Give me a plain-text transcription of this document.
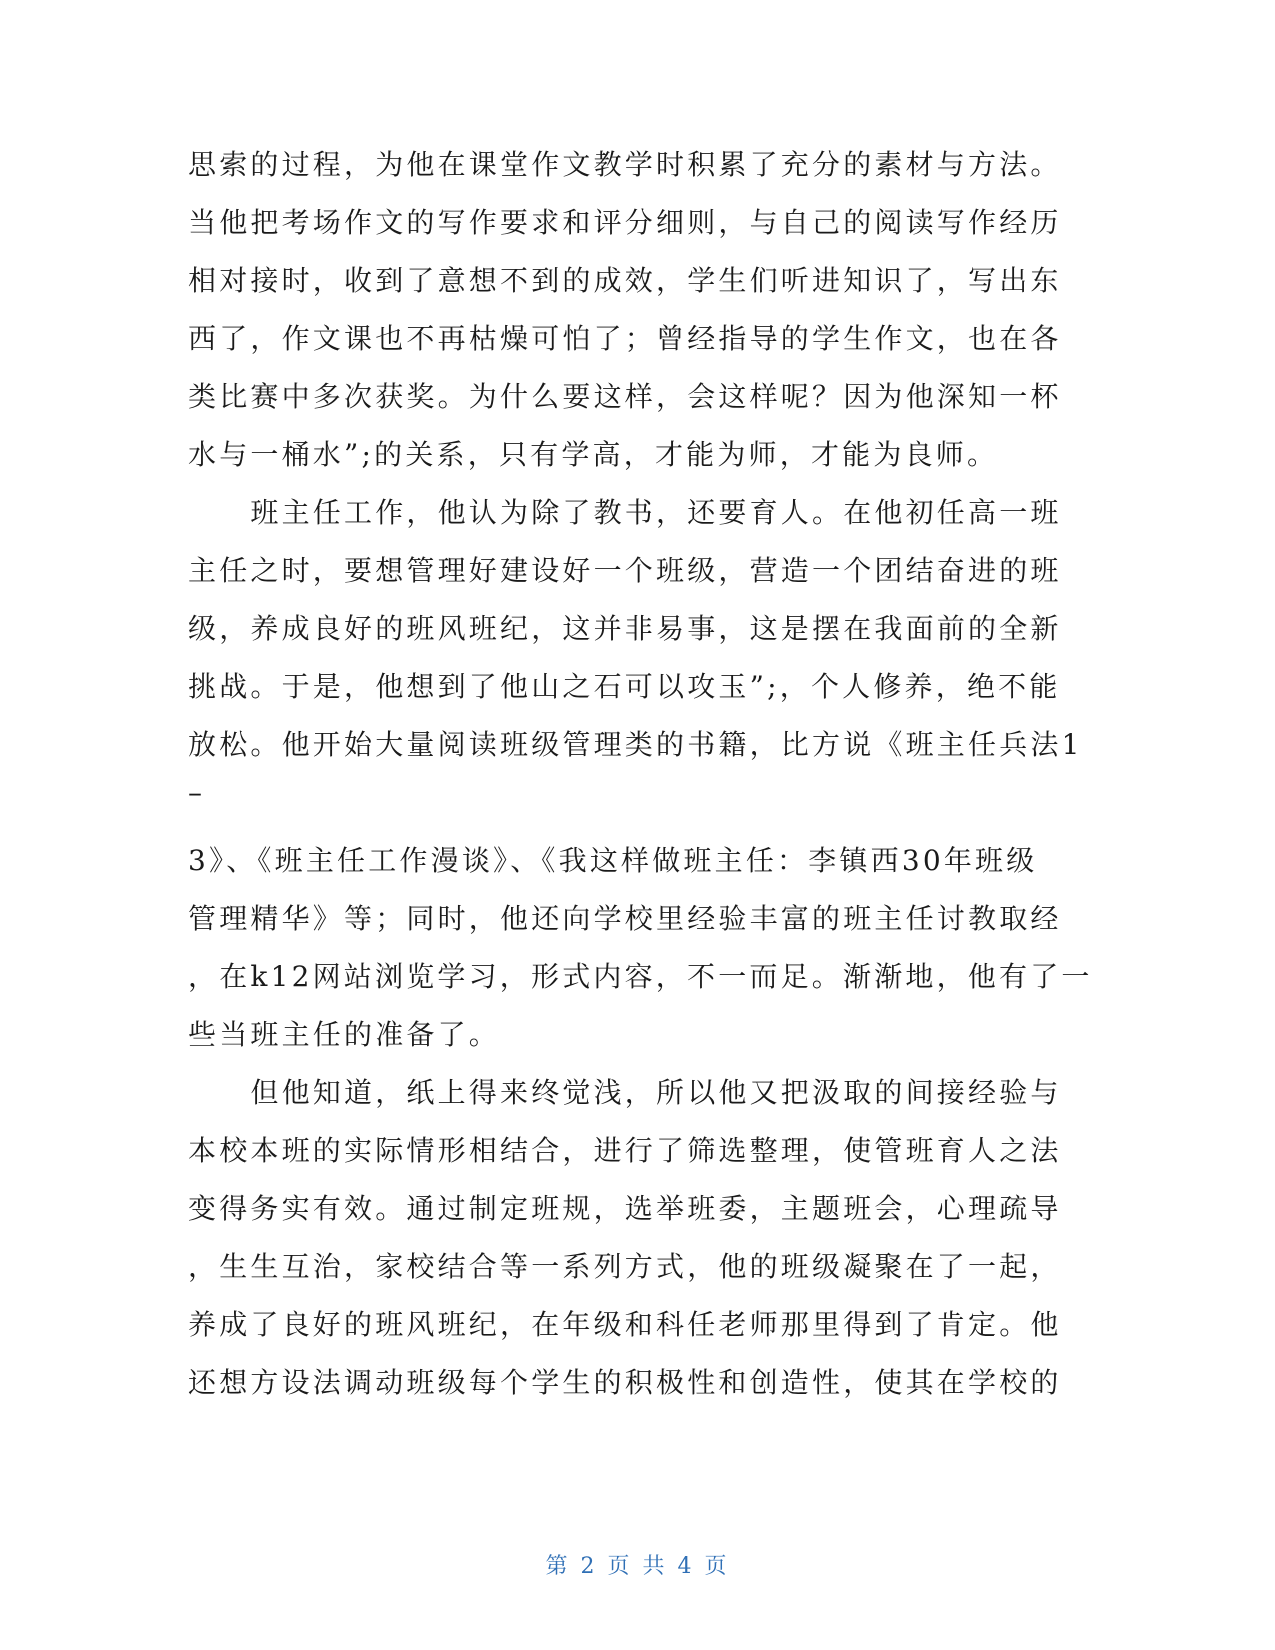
思索的过程，为他在课堂作文教学时积累了充分的素材与方法。
当他把考场作文的写作要求和评分细则，与自己的阅读写作经历
相对接时，收到了意想不到的成效，学生们听进知识了，写出东
西了，作文课也不再枯燥可怕了；曾经指导的学生作文，也在各
类比赛中多次获奖。为什么要这样，会这样呢？因为他深知一杯
水与一桶水”;的关系，只有学高，才能为师，才能为良师。
　　班主任工作，他认为除了教书，还要育人。在他初任高一班
主任之时，要想管理好建设好一个班级，营造一个团结奋进的班
级，养成良好的班风班纪，这并非易事，这是摆在我面前的全新
挑战。于是，他想到了他山之石可以攻玉”;，个人修养，绝不能
放松。他开始大量阅读班级管理类的书籍，比方说《班主任兵法1
–
3》、《班主任工作漫谈》、《我这样做班主任：李镇西30年班级
管理精华》等；同时，他还向学校里经验丰富的班主任讨教取经
，在k12网站浏览学习，形式内容，不一而足。渐渐地，他有了一
些当班主任的准备了。
　　但他知道，纸上得来终觉浅，所以他又把汲取的间接经验与
本校本班的实际情形相结合，进行了筛选整理，使管班育人之法
变得务实有效。通过制定班规，选举班委，主题班会，心理疏导
，生生互治，家校结合等一系列方式，他的班级凝聚在了一起，
养成了良好的班风班纪，在年级和科任老师那里得到了肯定。他
还想方设法调动班级每个学生的积极性和创造性，使其在学校的
第 2 页 共 4 页
